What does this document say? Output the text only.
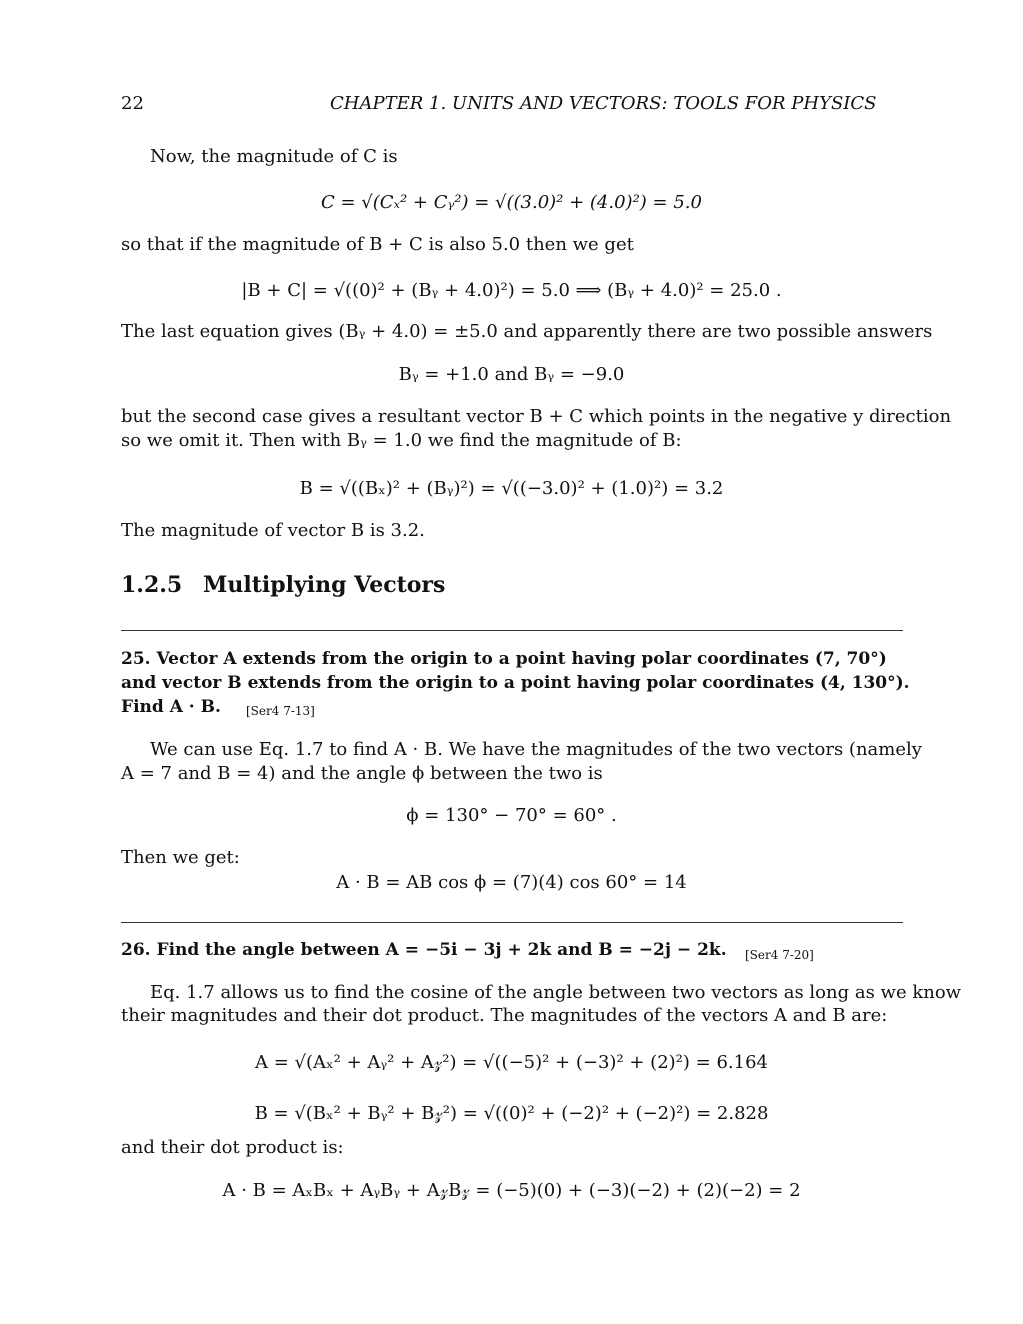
22	CHAPTER 1. UNITS AND VECTORS: TOOLS FOR PHYSICS
Now, the magnitude of C is
C = √(Cₓ² + Cᵧ²) = √((3.0)² + (4.0)²) = 5.0
so that if the magnitude of B + C is also 5.0 then we get
|B + C| = √((0)² + (Bᵧ + 4.0)²) = 5.0 ⟹ (Bᵧ + 4.0)² = 25.0 .
The last equation gives (Bᵧ + 4.0) = ±5.0 and apparently there are two possible answers
Bᵧ = +1.0 and Bᵧ = −9.0
but the second case gives a resultant vector B + C which points in the negative y direction
so we omit it. Then with Bᵧ = 1.0 we find the magnitude of B:
B = √((Bₓ)² + (Bᵧ)²) = √((−3.0)² + (1.0)²) = 3.2
The magnitude of vector B is 3.2.
1.2.5 Multiplying Vectors
25. Vector A extends from the origin to a point having polar coordinates (7, 70°)
and vector B extends from the origin to a point having polar coordinates (4, 130°).
Find A · B. [Ser4 7-13]
We can use Eq. 1.7 to find A · B. We have the magnitudes of the two vectors (namely
A = 7 and B = 4) and the angle ϕ between the two is
ϕ = 130° − 70° = 60° .
Then we get:
A · B = AB cos ϕ = (7)(4) cos 60° = 14
26. Find the angle between A = −5i − 3j + 2k and B = −2j − 2k. [Ser4 7-20]
Eq. 1.7 allows us to find the cosine of the angle between two vectors as long as we know
their magnitudes and their dot product. The magnitudes of the vectors A and B are:
A = √(Aₓ² + Aᵧ² + A𝓏²) = √((−5)² + (−3)² + (2)²) = 6.164
B = √(Bₓ² + Bᵧ² + B𝓏²) = √((0)² + (−2)² + (−2)²) = 2.828
and their dot product is:
A · B = AₓBₓ + AᵧBᵧ + A𝓏B𝓏 = (−5)(0) + (−3)(−2) + (2)(−2) = 2
